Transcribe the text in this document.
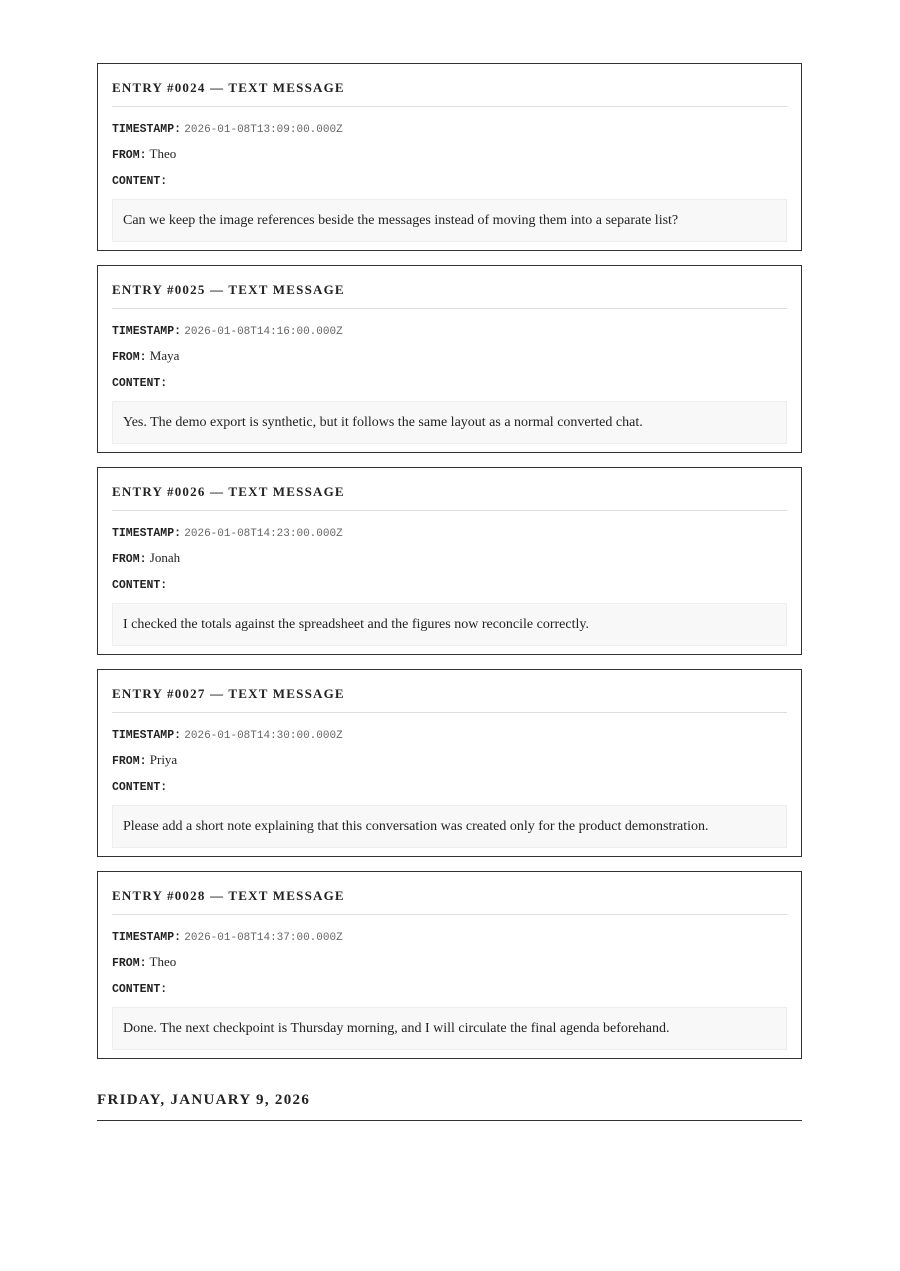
ENTRY #0024 — TEXT MESSAGE
TIMESTAMP: 2026-01-08T13:09:00.000Z
FROM: Theo
CONTENT:
Can we keep the image references beside the messages instead of moving them into a separate list?
ENTRY #0025 — TEXT MESSAGE
TIMESTAMP: 2026-01-08T14:16:00.000Z
FROM: Maya
CONTENT:
Yes. The demo export is synthetic, but it follows the same layout as a normal converted chat.
ENTRY #0026 — TEXT MESSAGE
TIMESTAMP: 2026-01-08T14:23:00.000Z
FROM: Jonah
CONTENT:
I checked the totals against the spreadsheet and the figures now reconcile correctly.
ENTRY #0027 — TEXT MESSAGE
TIMESTAMP: 2026-01-08T14:30:00.000Z
FROM: Priya
CONTENT:
Please add a short note explaining that this conversation was created only for the product demonstration.
ENTRY #0028 — TEXT MESSAGE
TIMESTAMP: 2026-01-08T14:37:00.000Z
FROM: Theo
CONTENT:
Done. The next checkpoint is Thursday morning, and I will circulate the final agenda beforehand.
FRIDAY, JANUARY 9, 2026
